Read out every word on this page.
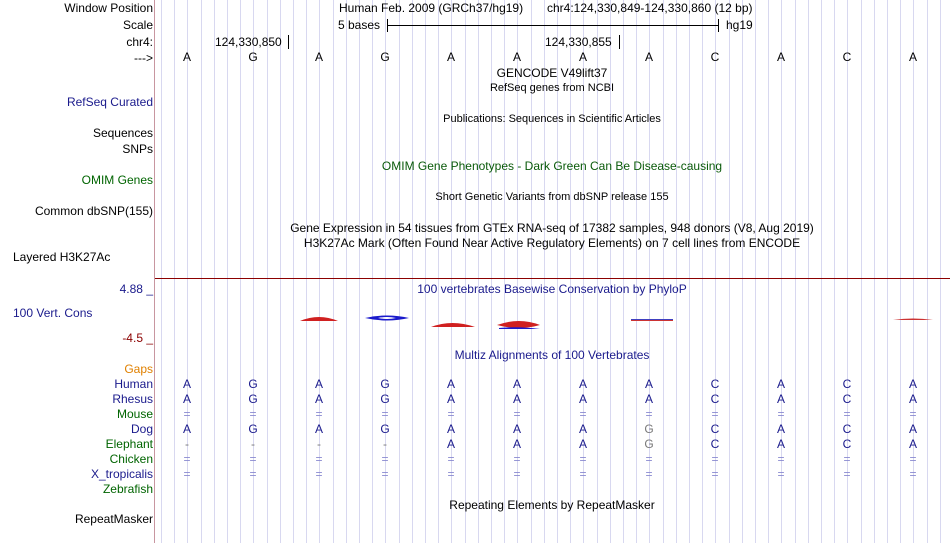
Window Position
Scale
chr4:
--->
RefSeq Curated
Sequences
SNPs
OMIM Genes
Common dbSNP(155)
Layered H3K27Ac
4.88 _
100 Vert. Cons
-4.5 _
Gaps
RepeatMasker
Human Feb. 2009 (GRCh37/hg19) chr4:124,330,849-124,330,860 (12 bp)
5 bases	hg19
124,330,850	124,330,855
A	G	A	G	A	A	A	A	C	A	C	A
GENCODE V49lift37
RefSeq genes from NCBI
Publications: Sequences in Scientific Articles
OMIM Gene Phenotypes - Dark Green Can Be Disease-causing
Short Genetic Variants from dbSNP release 155
Gene Expression in 54 tissues from GTEx RNA-seq of 17382 samples, 948 donors (V8, Aug 2019)
H3K27Ac Mark (Often Found Near Active Regulatory Elements) on 7 cell lines from ENCODE
100 vertebrates Basewise Conservation by PhyloP
Multiz Alignments of 100 Vertebrates
Human A	G	A	G	A	A	A	A	C	A	C	A
Rhesus A	G	A	G	A	A	A	A	C	A	C	A
Mouse	=	=	=	=	=	=	=	=	=	=	=	=
Dog A	G	A	G	A	A	A	G	C	A	C	A
Elephant	-	-	-	-	A	A	A	G	C	A	C	A
Chicken	=	=	=	=	=	=	=	=	=	=	=	=
X_tropicalis	=	=	=	=	=	=	=	=	=	=	=	=
Zebrafish
Repeating Elements by RepeatMasker
